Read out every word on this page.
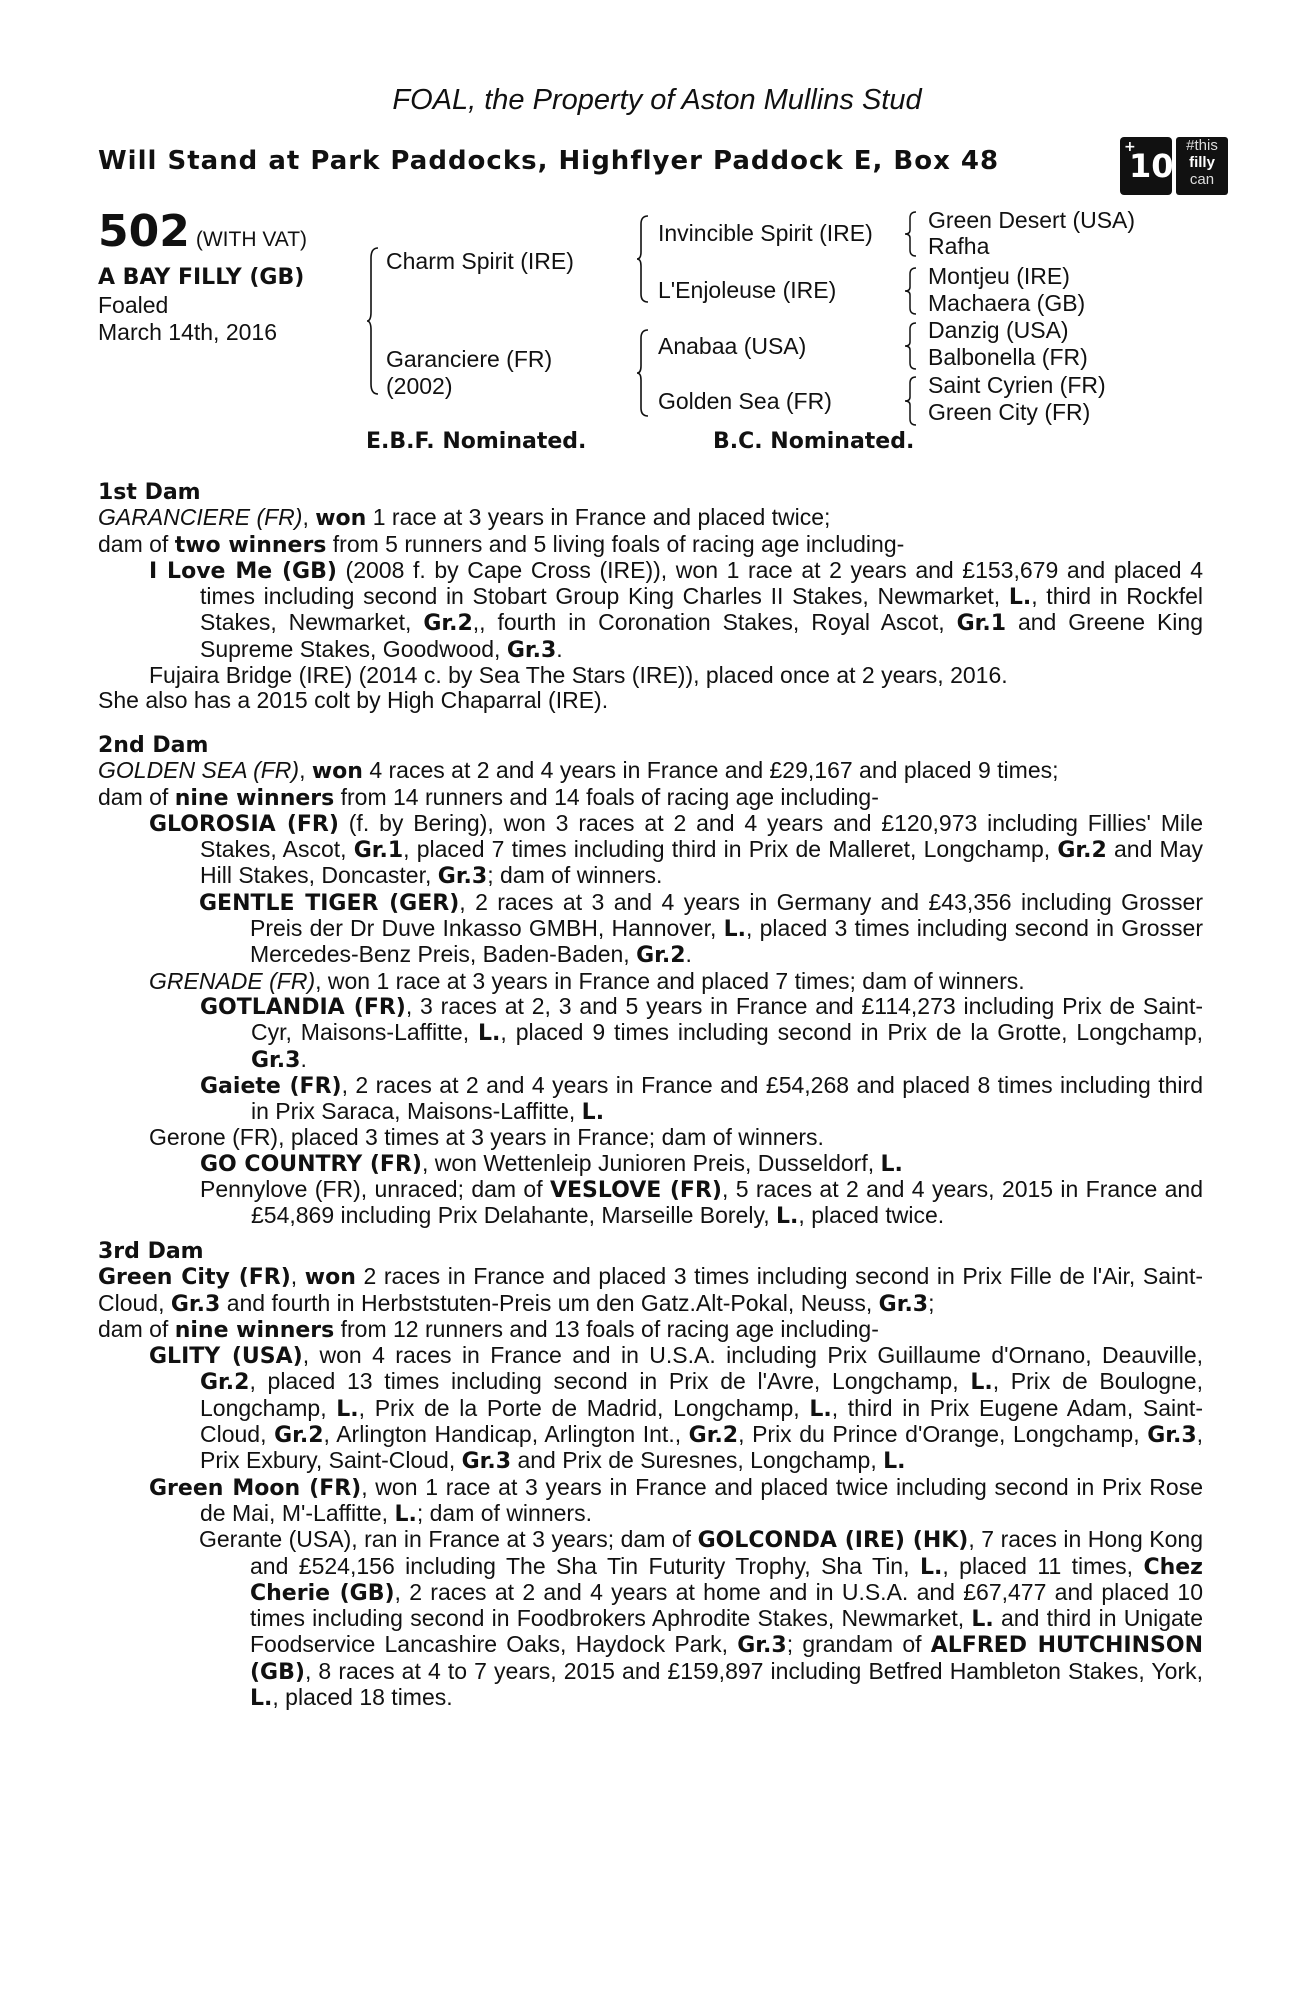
FOAL, the Property of Aston Mullins Stud
Will Stand at Park Paddocks, Highflyer Paddock E, Box 48	+
10
#this
filly
can
502 (WITH VAT)
A BAY FILLY (GB)
Foaled
March 14th, 2016
Charm Spirit (IRE)
Garanciere (FR)
(2002)
Invincible Spirit (IRE)
L'Enjoleuse (IRE)
Anabaa (USA)
Golden Sea (FR)
Green Desert (USA)
Rafha
Montjeu (IRE)
Machaera (GB)
Danzig (USA)
Balbonella (FR)
Saint Cyrien (FR)
Green City (FR)
E.B.F. Nominated.	B.C. Nominated.

1st Dam

GARANCIERE (FR), won 1 race at 3 years in France and placed twice;

dam of two winners from 5 runners and 5 living foals of racing age including-

I Love Me (GB) (2008 f. by Cape Cross (IRE)), won 1 race at 2 years and £153,679 and placed 4 times including second in Stobart Group King Charles II Stakes, Newmarket, L., third in Rockfel Stakes, Newmarket, Gr.2,, fourth in Coronation Stakes, Royal Ascot, Gr.1 and Greene King Supreme Stakes, Goodwood, Gr.3.

Fujaira Bridge (IRE) (2014 c. by Sea The Stars (IRE)), placed once at 2 years, 2016.

She also has a 2015 colt by High Chaparral (IRE).

2nd Dam

GOLDEN SEA (FR), won 4 races at 2 and 4 years in France and £29,167 and placed 9 times;

dam of nine winners from 14 runners and 14 foals of racing age including-

GLOROSIA (FR) (f. by Bering), won 3 races at 2 and 4 years and £120,973 including Fillies' Mile Stakes, Ascot, Gr.1, placed 7 times including third in Prix de Malleret, Longchamp, Gr.2 and May Hill Stakes, Doncaster, Gr.3; dam of winners.

GENTLE TIGER (GER), 2 races at 3 and 4 years in Germany and £43,356 including Grosser Preis der Dr Duve Inkasso GMBH, Hannover, L., placed 3 times including second in Grosser Mercedes-Benz Preis, Baden-Baden, Gr.2.

GRENADE (FR), won 1 race at 3 years in France and placed 7 times; dam of winners.

GOTLANDIA (FR), 3 races at 2, 3 and 5 years in France and £114,273 including Prix de Saint-Cyr, Maisons-Laffitte, L., placed 9 times including second in Prix de la Grotte, Longchamp, Gr.3.

Gaiete (FR), 2 races at 2 and 4 years in France and £54,268 and placed 8 times including third in Prix Saraca, Maisons-Laffitte, L.

Gerone (FR), placed 3 times at 3 years in France; dam of winners.

GO COUNTRY (FR), won Wettenleip Junioren Preis, Dusseldorf, L.

Pennylove (FR), unraced; dam of VESLOVE (FR), 5 races at 2 and 4 years, 2015 in France and £54,869 including Prix Delahante, Marseille Borely, L., placed twice.

3rd Dam

Green City (FR), won 2 races in France and placed 3 times including second in Prix Fille de l'Air, Saint-Cloud, Gr.3 and fourth in Herbststuten-Preis um den Gatz.Alt-Pokal, Neuss, Gr.3;

dam of nine winners from 12 runners and 13 foals of racing age including-

GLITY (USA), won 4 races in France and in U.S.A. including Prix Guillaume d'Ornano, Deauville, Gr.2, placed 13 times including second in Prix de l'Avre, Longchamp, L., Prix de Boulogne, Longchamp, L., Prix de la Porte de Madrid, Longchamp, L., third in Prix Eugene Adam, Saint-Cloud, Gr.2, Arlington Handicap, Arlington Int., Gr.2, Prix du Prince d'Orange, Longchamp, Gr.3, Prix Exbury, Saint-Cloud, Gr.3 and Prix de Suresnes, Longchamp, L.

Green Moon (FR), won 1 race at 3 years in France and placed twice including second in Prix Rose de Mai, M'-Laffitte, L.; dam of winners.

Gerante (USA), ran in France at 3 years; dam of GOLCONDA (IRE) (HK), 7 races in Hong Kong and £524,156 including The Sha Tin Futurity Trophy, Sha Tin, L., placed 11 times, Chez Cherie (GB), 2 races at 2 and 4 years at home and in U.S.A. and £67,477 and placed 10 times including second in Foodbrokers Aphrodite Stakes, Newmarket, L. and third in Unigate Foodservice Lancashire Oaks, Haydock Park, Gr.3; grandam of ALFRED HUTCHINSON (GB), 8 races at 4 to 7 years, 2015 and £159,897 including Betfred Hambleton Stakes, York, L., placed 18 times.
